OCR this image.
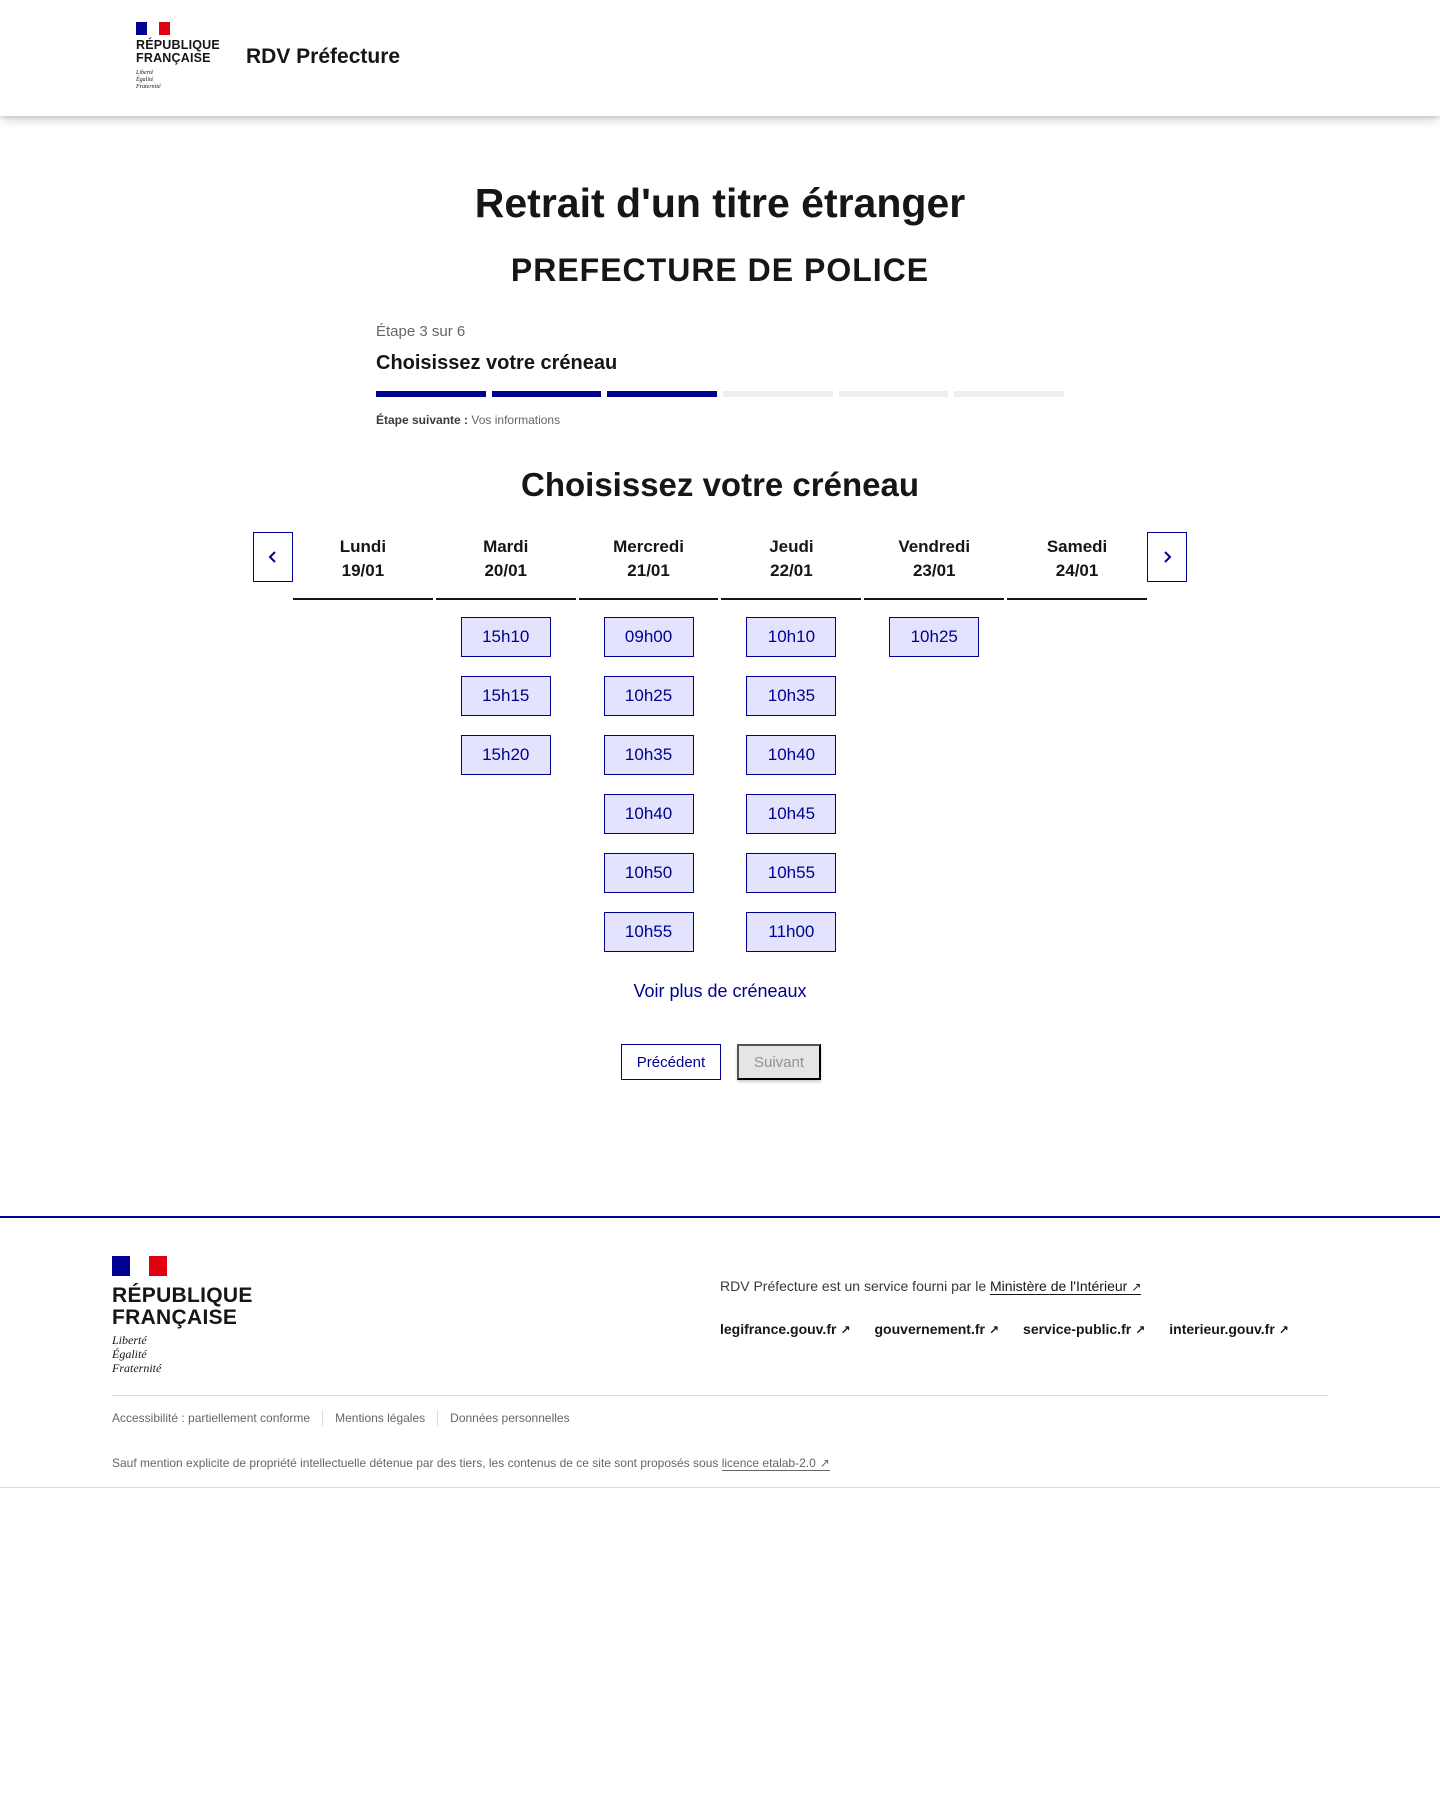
RÉPUBLIQUE
FRANÇAISE
Liberté
Égalité
Fraternité
RDV Préfecture
Retrait d'un titre étranger
PREFECTURE DE POLICE
Étape 3 sur 6
Choisissez votre créneau
Étape suivante : Vos informations
Choisissez votre créneau
Lundi
19/01
Mardi
20/01
15h10
15h15
15h20
Mercredi
21/01
09h00
10h25
10h35
10h40
10h50
10h55
Jeudi
22/01
10h10
10h35
10h40
10h45
10h55
11h00
Vendredi
23/01
10h25
Samedi
24/01
Voir plus de créneaux
Précédent	Suivant
RÉPUBLIQUE
FRANÇAISE
Liberté
Égalité
Fraternité
RDV Préfecture est un service fourni par le Ministère de l'Intérieur ↗
legifrance.gouv.fr ↗ gouvernement.fr ↗ service-public.fr ↗ interieur.gouv.fr ↗
Accessibilité : partiellement conforme Mentions légales Données personnelles
Sauf mention explicite de propriété intellectuelle détenue par des tiers, les contenus de ce site sont proposés sous licence etalab-2.0 ↗
